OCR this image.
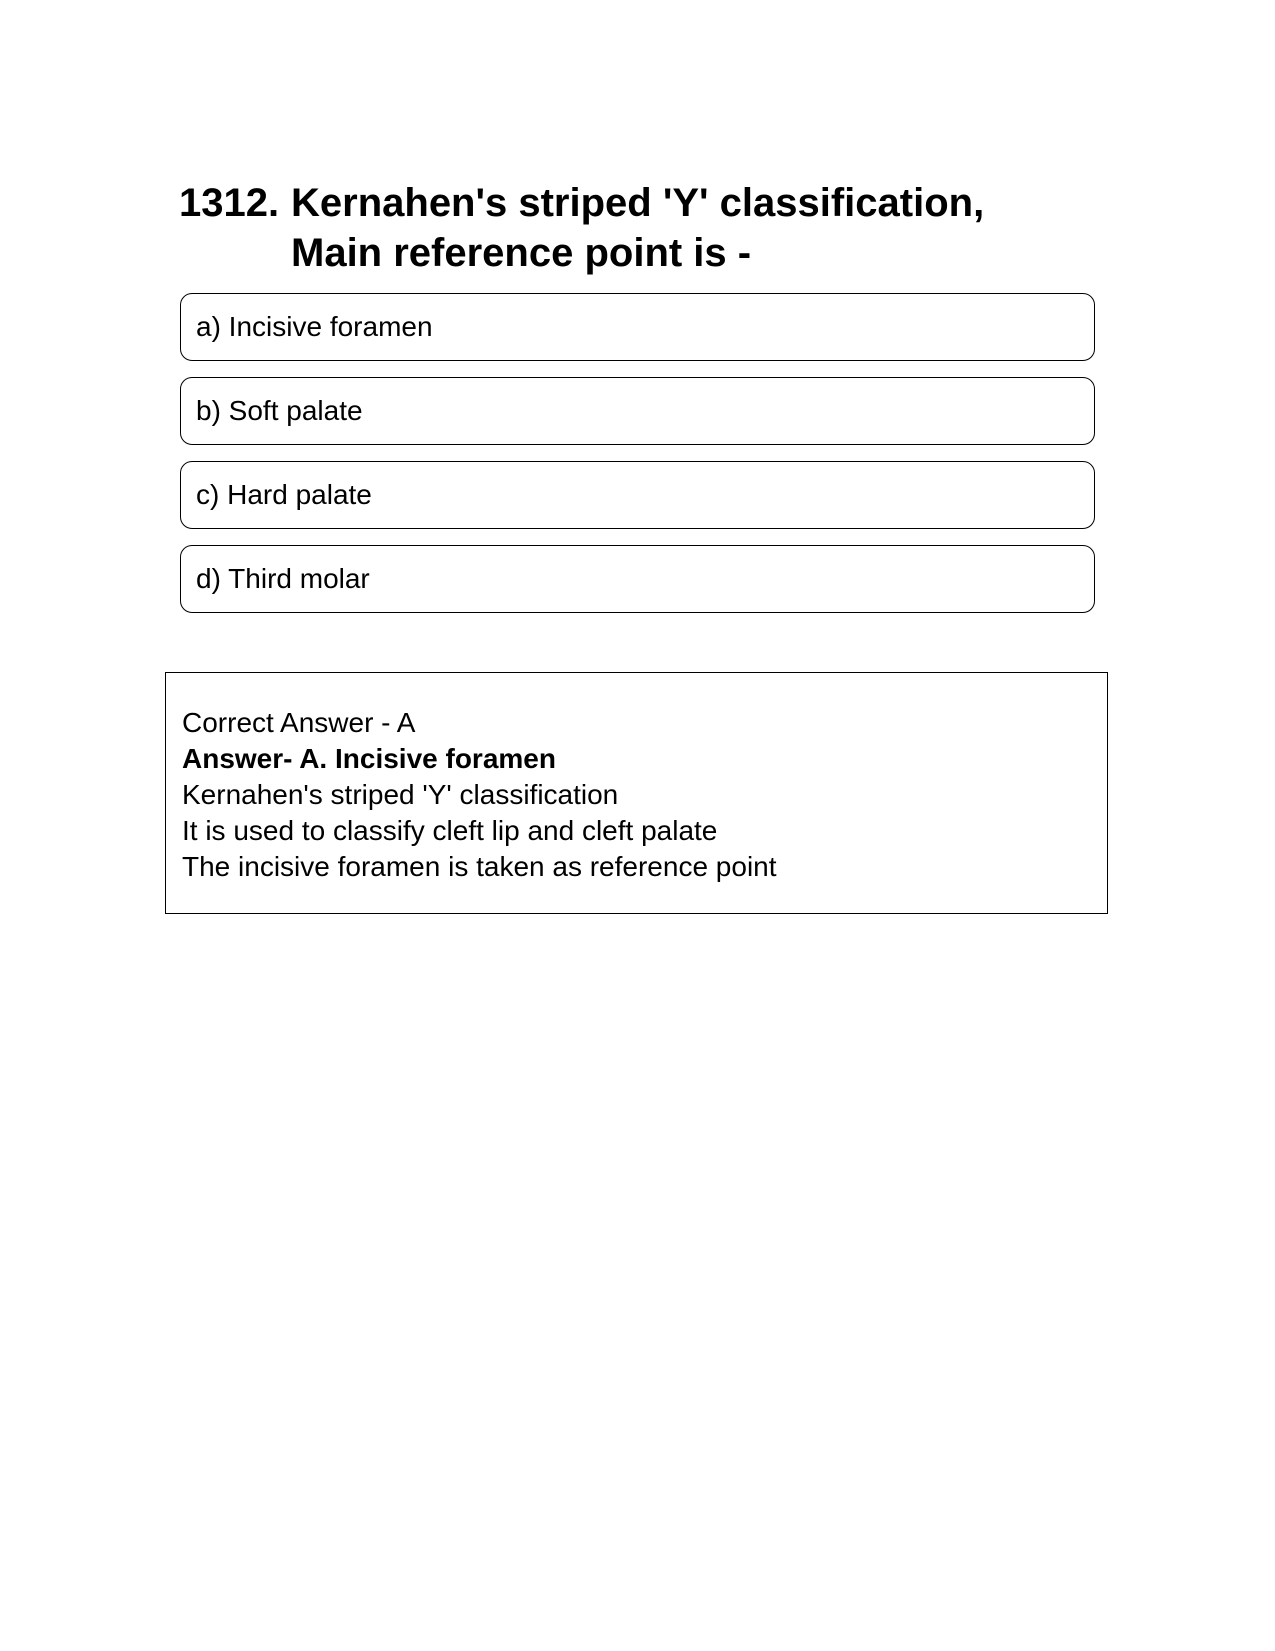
1312. Kernahen's striped 'Y' classification,
Main reference point is -
a) Incisive foramen
b) Soft palate
c) Hard palate
d) Third molar
Correct Answer - A
Answer- A. Incisive foramen
Kernahen's striped 'Y' classification
It is used to classify cleft lip and cleft palate
The incisive foramen is taken as reference point
